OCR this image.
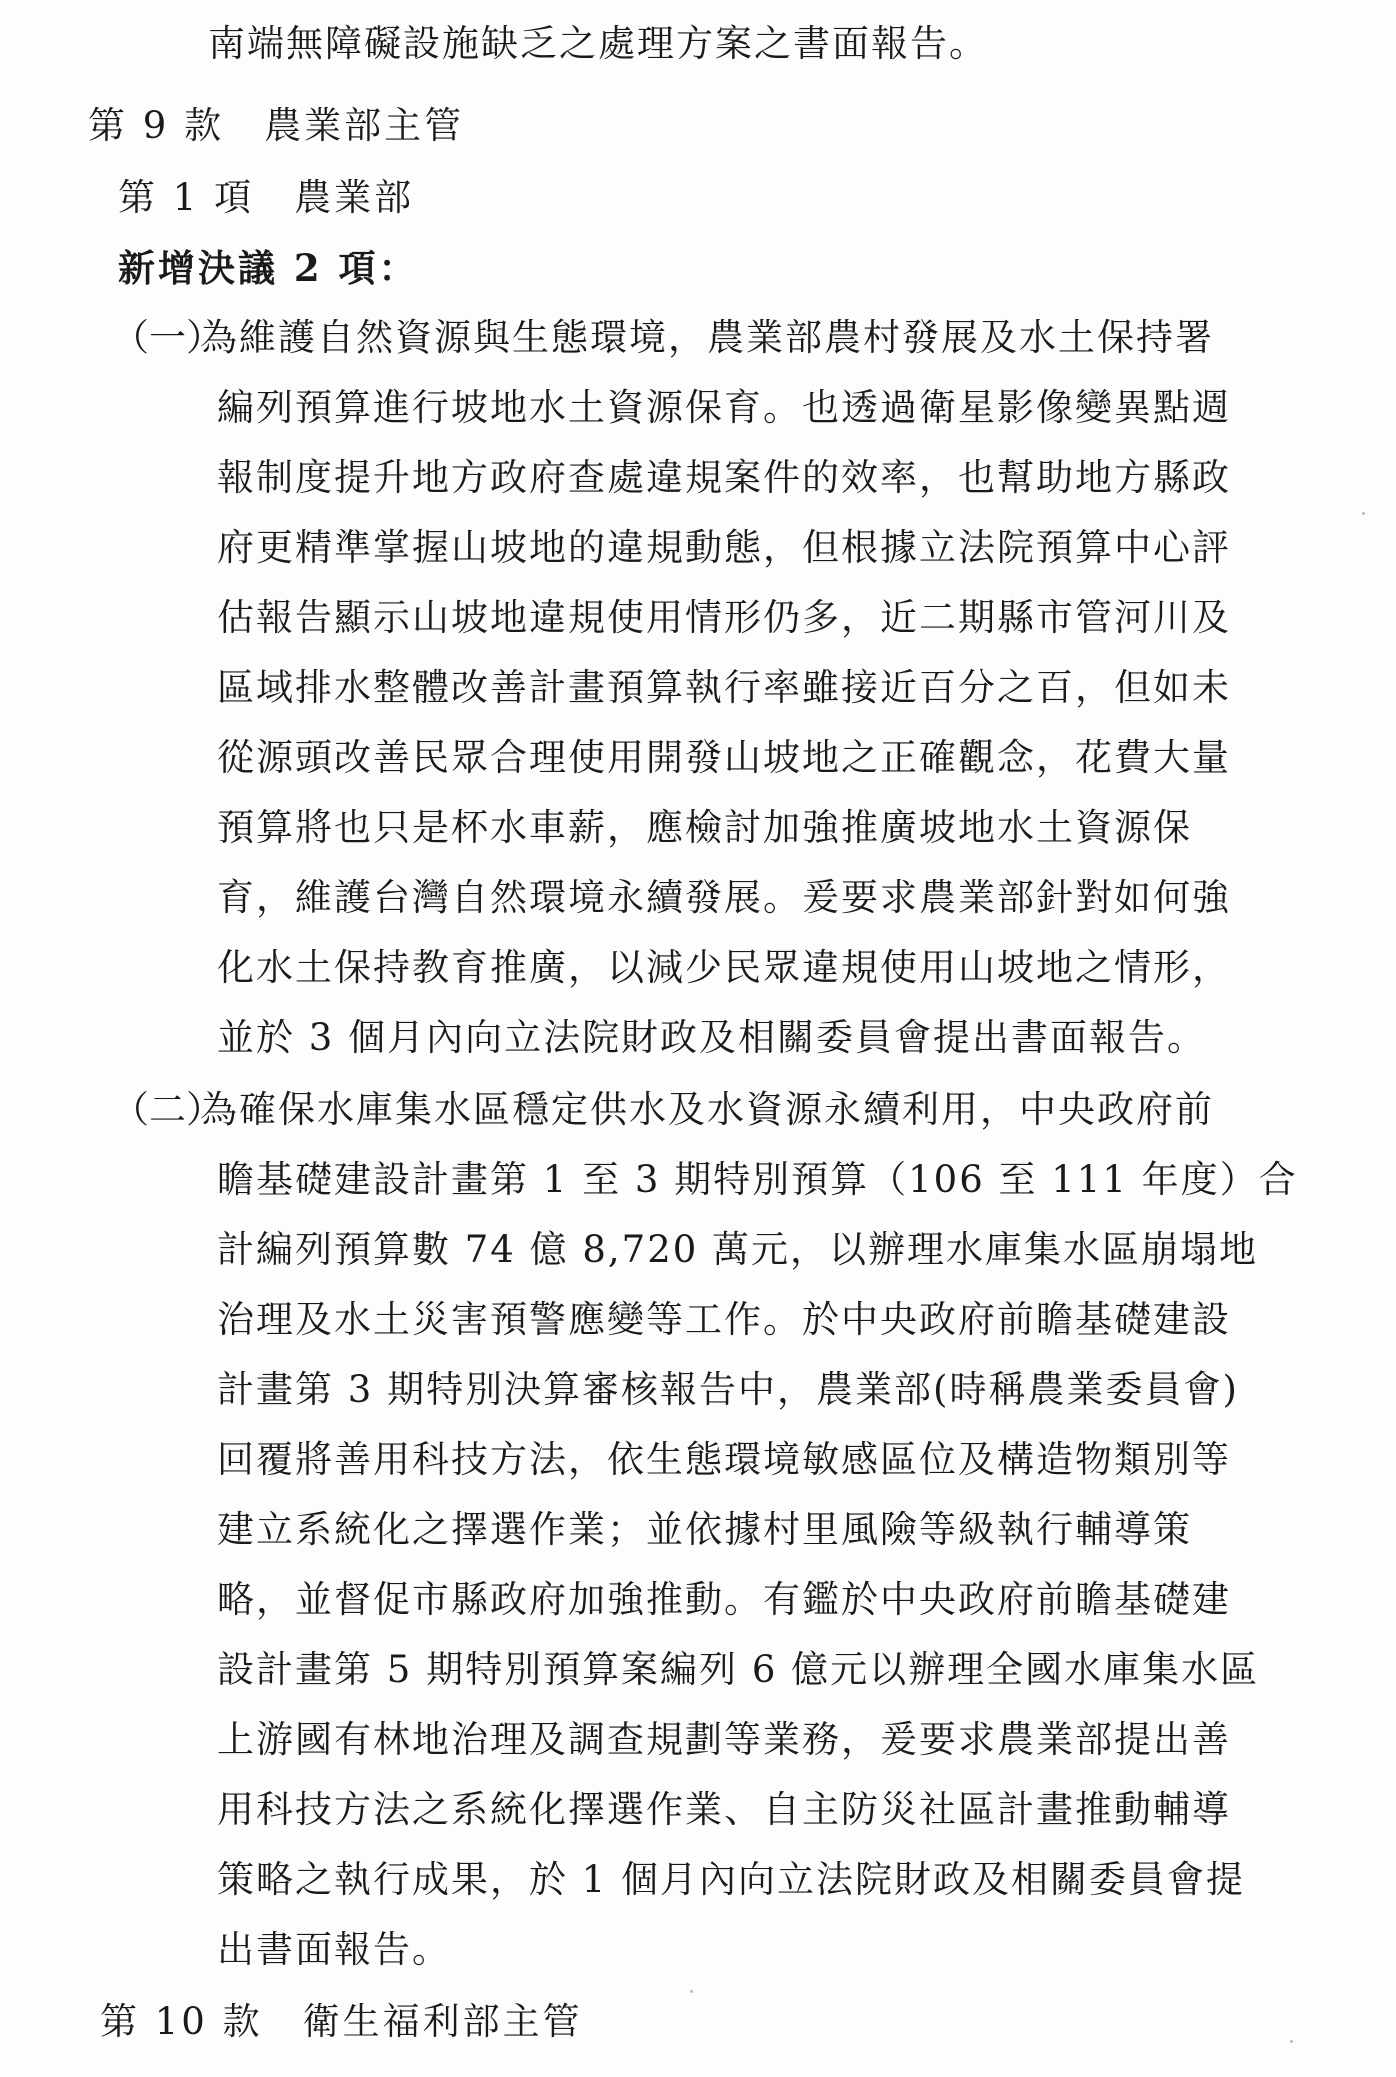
南端無障礙設施缺乏之處理方案之書面報告。
第 9 款　農業部主管
第 1 項　農業部
新增決議 2 項：
（一）
為維護自然資源與生態環境，農業部農村發展及水土保持署
編列預算進行坡地水土資源保育。也透過衛星影像變異點週
報制度提升地方政府查處違規案件的效率，也幫助地方縣政
府更精準掌握山坡地的違規動態，但根據立法院預算中心評
估報告顯示山坡地違規使用情形仍多，近二期縣市管河川及
區域排水整體改善計畫預算執行率雖接近百分之百，但如未
從源頭改善民眾合理使用開發山坡地之正確觀念，花費大量
預算將也只是杯水車薪，應檢討加強推廣坡地水土資源保
育，維護台灣自然環境永續發展。爰要求農業部針對如何強
化水土保持教育推廣，以減少民眾違規使用山坡地之情形，
並於 3 個月內向立法院財政及相關委員會提出書面報告。
（二）
為確保水庫集水區穩定供水及水資源永續利用，中央政府前
瞻基礎建設計畫第 1 至 3 期特別預算（106 至 111 年度）合
計編列預算數 74 億 8,720 萬元，以辦理水庫集水區崩塌地
治理及水土災害預警應變等工作。於中央政府前瞻基礎建設
計畫第 3 期特別決算審核報告中，農業部(時稱農業委員會)
回覆將善用科技方法，依生態環境敏感區位及構造物類別等
建立系統化之擇選作業；並依據村里風險等級執行輔導策
略，並督促市縣政府加強推動。有鑑於中央政府前瞻基礎建
設計畫第 5 期特別預算案編列 6 億元以辦理全國水庫集水區
上游國有林地治理及調查規劃等業務，爰要求農業部提出善
用科技方法之系統化擇選作業、自主防災社區計畫推動輔導
策略之執行成果，於 1 個月內向立法院財政及相關委員會提
出書面報告。
第 10 款　衛生福利部主管
